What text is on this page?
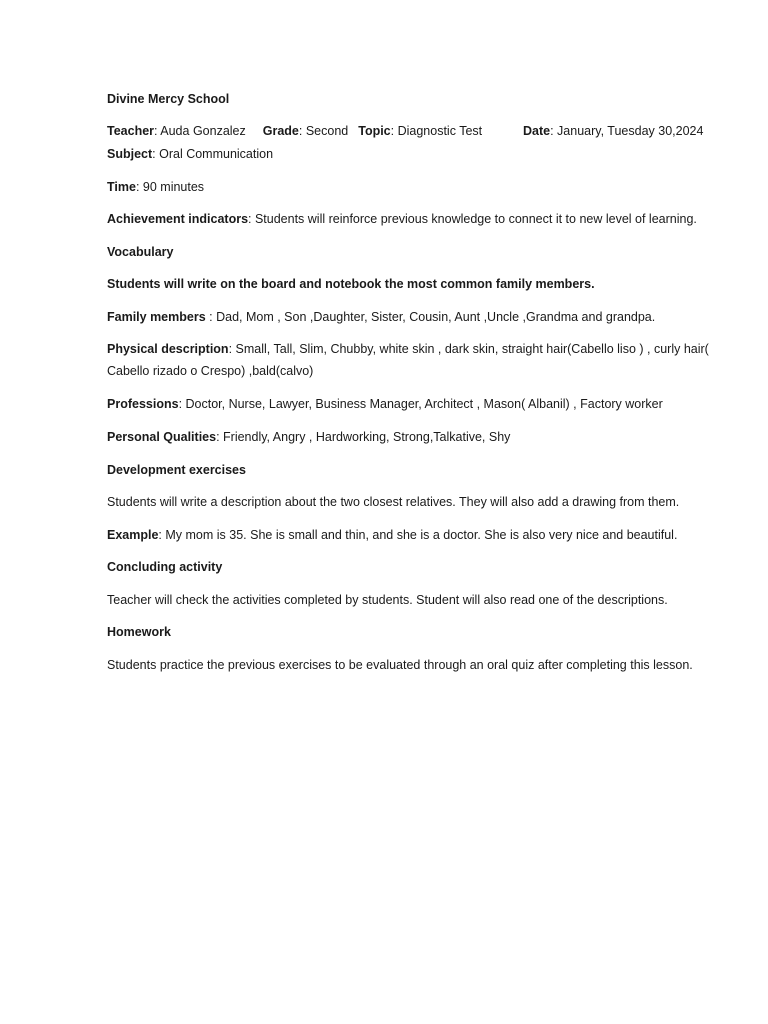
Divine Mercy School
Teacher: Auda Gonzalez Grade: Second Topic: Diagnostic Test	Date: January, Tuesday 30,2024
Subject: Oral Communication
Time: 90 minutes
Achievement indicators: Students will reinforce previous knowledge to connect it to new level of learning.
Vocabulary
Students will write on the board and notebook the most common family members.
Family members : Dad, Mom , Son ,Daughter, Sister, Cousin, Aunt ,Uncle ,Grandma and grandpa.
Physical description: Small, Tall, Slim, Chubby, white skin , dark skin, straight hair(Cabello liso ) , curly hair( Cabello rizado o Crespo) ,bald(calvo)
Professions: Doctor, Nurse, Lawyer, Business Manager, Architect , Mason( Albanil) , Factory worker
Personal Qualities: Friendly, Angry , Hardworking, Strong,Talkative, Shy
Development exercises
Students will write a description about the two closest relatives. They will also add a drawing from them.
Example: My mom is 35. She is small and thin, and she is a doctor. She is also very nice and beautiful.
Concluding activity
Teacher will check the activities completed by students. Student will also read one of the descriptions.
Homework
Students practice the previous exercises to be evaluated through an oral quiz after completing this lesson.
